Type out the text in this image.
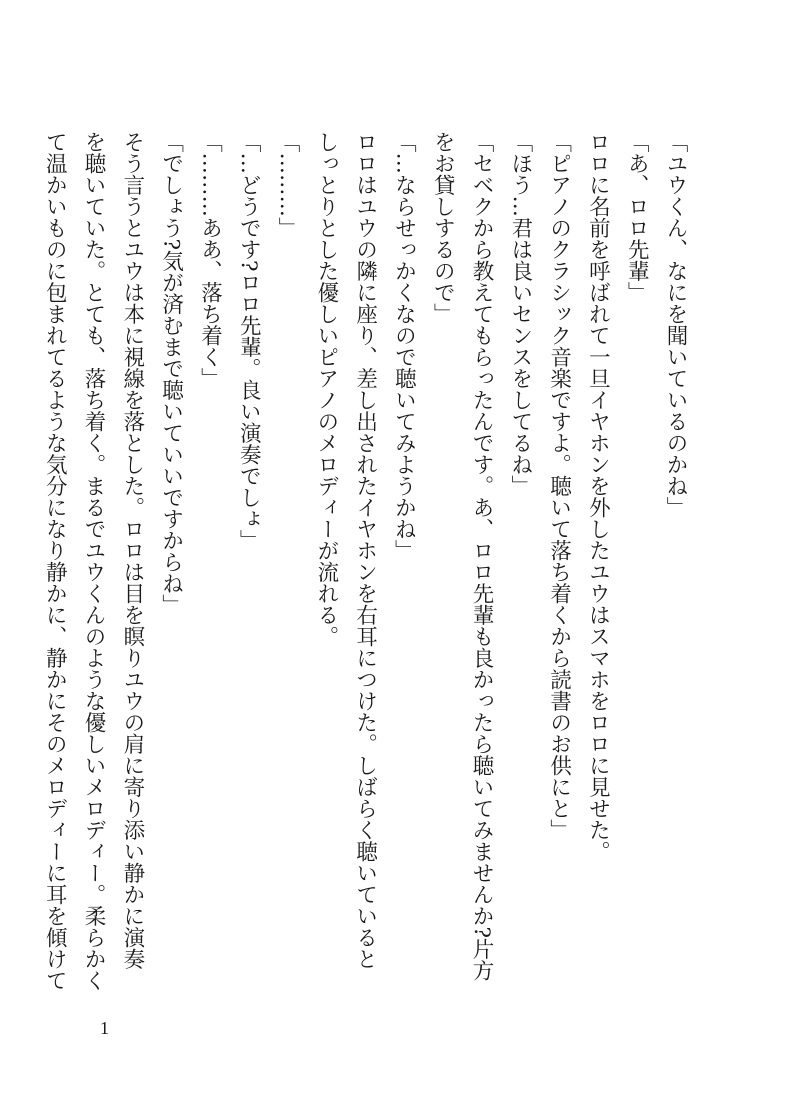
「ユウくん、なにを聞いているのかね」

「あ、ロロ先輩」

ロロに名前を呼ばれて一旦イヤホンを外したユウはスマホをロロに見せた。

「ピアノのクラシック音楽ですよ。聴いて落ち着くから読書のお供にと」

「ほう…君は良いセンスをしてるね」

「セベクから教えてもらったんです。あ、ロロ先輩も良かったら聴いてみませんか?片方

をお貸しするので」

「…ならせっかくなので聴いてみようかね」

ロロはユウの隣に座り、差し出されたイヤホンを右耳につけた。しばらく聴いていると

しっとりとした優しいピアノのメロディーが流れる。

「………」

「…どうです?ロロ先輩。良い演奏でしょ」

「………ああ、落ち着く」

「でしょう?気が済むまで聴いていいですからね」

そう言うとユウは本に視線を落とした。ロロは目を瞑りユウの肩に寄り添い静かに演奏

を聴いていた。とても、落ち着く。まるでユウくんのような優しいメロディー。柔らかく

て温かいものに包まれてるような気分になり静かに、静かにそのメロディーに耳を傾けて

1
